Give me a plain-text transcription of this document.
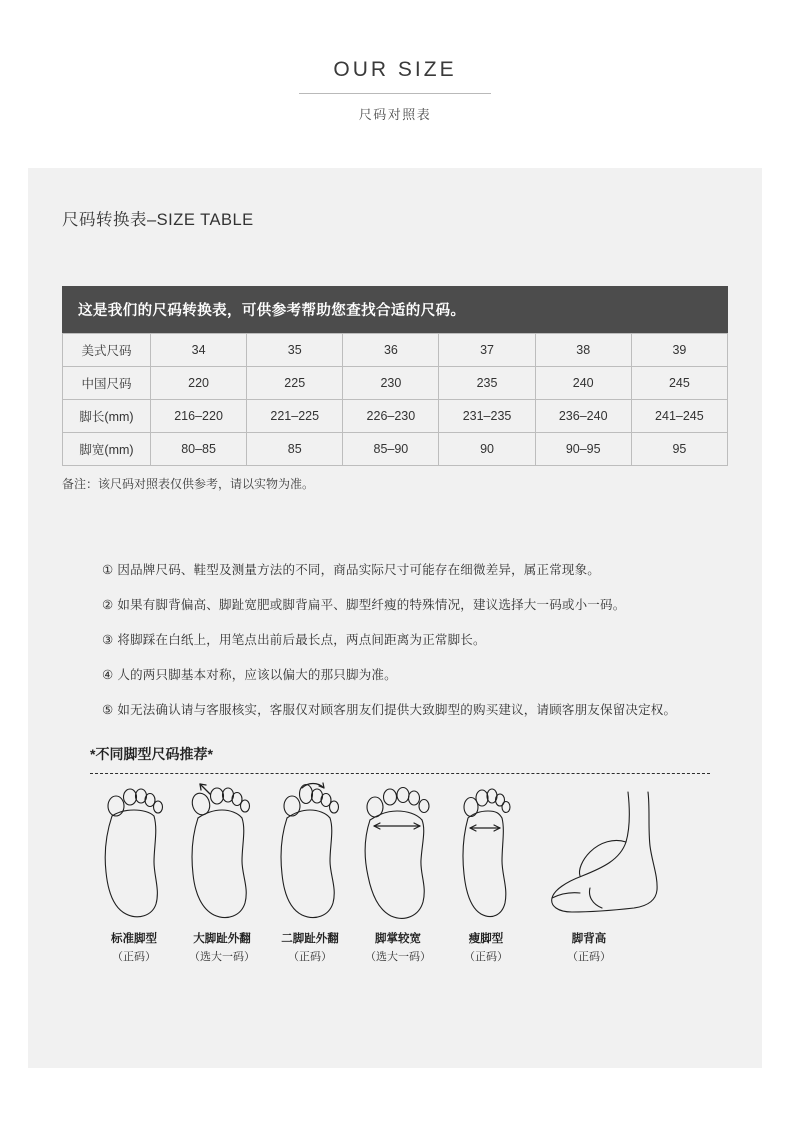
OUR SIZE
尺码对照表
尺码转换表–SIZE TABLE
这是我们的尺码转换表，可供参考帮助您查找合适的尺码。
美式尺码	34	35	36	37	38	39
中国尺码	220	225	230	235	240	245
脚长(mm)	216–220	221–225	226–230	231–235	236–240	241–245
脚宽(mm)	80–85	85	85–90	90	90–95	95
备注：该尺码对照表仅供参考，请以实物为准。
① 因品牌尺码、鞋型及测量方法的不同，商品实际尺寸可能存在细微差异，属正常现象。
② 如果有脚背偏高、脚趾宽肥或脚背扁平、脚型纤瘦的特殊情况，建议选择大一码或小一码。
③ 将脚踩在白纸上，用笔点出前后最长点，两点间距离为正常脚长。
④ 人的两只脚基本对称，应该以偏大的那只脚为准。
⑤ 如无法确认请与客服核实，客服仅对顾客朋友们提供大致脚型的购买建议，请顾客朋友保留决定权。
*不同脚型尺码推荐*
标准脚型
（正码）
大脚趾外翻
（选大一码）
二脚趾外翻
（正码）
脚掌较宽
（选大一码）
瘦脚型
（正码）
脚背高
（正码）
